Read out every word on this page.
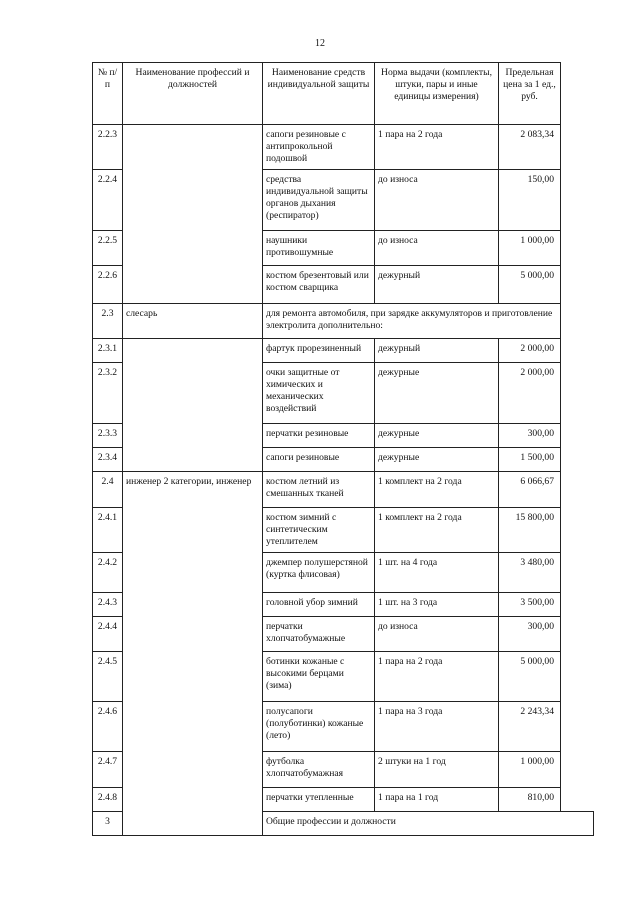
12
№ п/п	Наименование профессий и должностей	Наименование средств индивидуальной защиты	Норма выдачи (комплекты, штуки, пары и иные единицы измерения)	Предельная цена за 1 ед., руб.
2.2.3		сапоги резиновые с антипрокольной подошвой	1 пара на 2 года	2 083,34
2.2.4		средства индивидуальной защиты органов дыхания (респиратор)	до износа	150,00
2.2.5		наушники противошумные	до износа	1 000,00
2.2.6		костюм брезентовый или костюм сварщика	дежурный	5 000,00
2.3	слесарь	для ремонта автомобиля, при зарядке аккумуляторов и приготовление электролита дополнительно:		
2.3.1		фартук прорезиненный	дежурный	2 000,00
2.3.2		очки защитные от химических и механических воздействий	дежурные	2 000,00
2.3.3		перчатки резиновые	дежурные	300,00
2.3.4		сапоги резиновые	дежурные	1 500,00
2.4	инженер 2 категории, инженер	костюм летний из смешанных тканей	1 комплект на 2 года	6 066,67
2.4.1		костюм зимний с синтетическим утеплителем	1 комплект на 2 года	15 800,00
2.4.2		джемпер полушерстяной (куртка флисовая)	1 шт. на 4 года	3 480,00
2.4.3		головной убор зимний	1 шт. на 3 года	3 500,00
2.4.4		перчатки хлопчатобумажные	до износа	300,00
2.4.5		ботинки кожаные с высокими берцами (зима)	1 пара на 2 года	5 000,00
2.4.6		полусапоги (полуботинки) кожаные (лето)	1 пара на 3 года	2 243,34
2.4.7		футболка хлопчатобумажная	2 штуки на 1 год	1 000,00
2.4.8		перчатки утепленные	1 пара на 1 год	810,00
3		Общие профессии и должности		
